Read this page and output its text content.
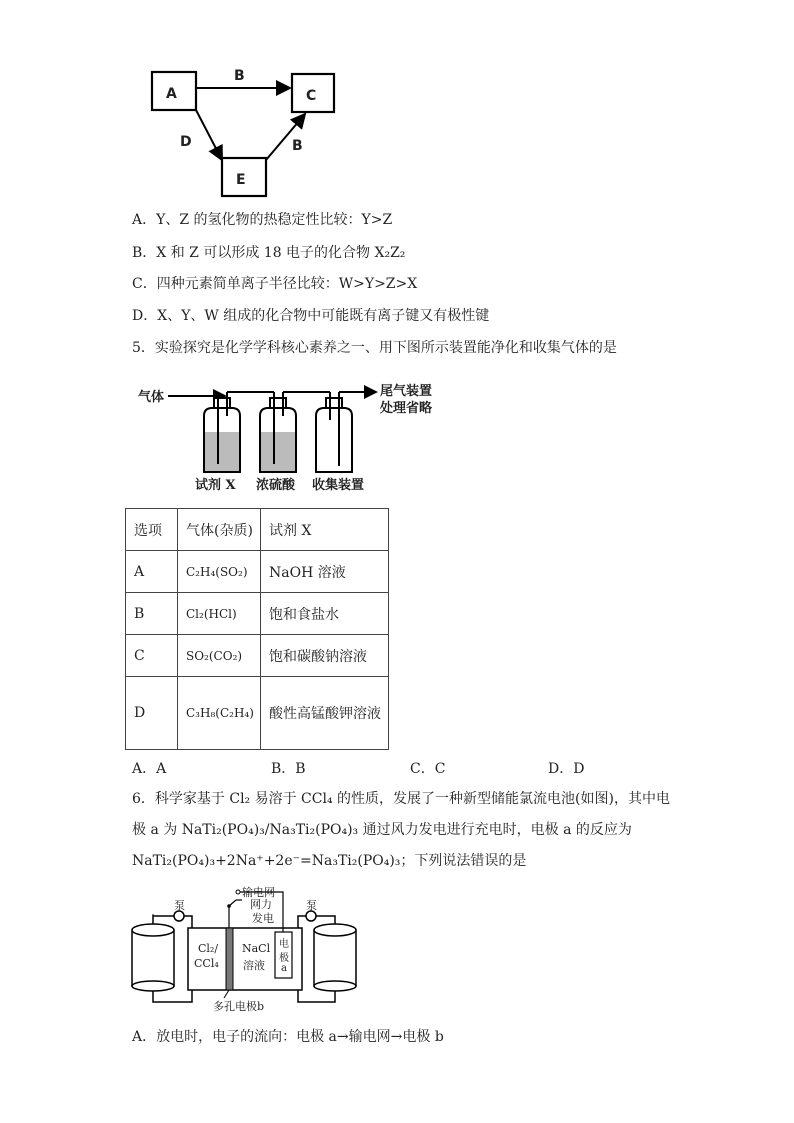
A	C
E
B
D	B
A．Y、Z 的氢化物的热稳定性比较：Y>Z
B．X 和 Z 可以形成 18 电子的化合物 X₂Z₂
C．四种元素简单离子半径比较：W>Y>Z>X
D．X、Y、W 组成的化合物中可能既有离子键又有极性键
5．实验探究是化学学科核心素养之一、用下图所示装置能净化和收集气体的是
气体	尾气装置
处理省略
试剂 X 浓硫酸 收集装置
选项	气体(杂质)	试剂 X
A	C₂H₄(SO₂)	NaOH 溶液
B	Cl₂(HCl)	饱和食盐水
C	SO₂(CO₂)	饱和碳酸钠溶液
D	C₃H₈(C₂H₄)	酸性高锰酸钾溶液
A．A	B．B	C．C	D．D
6．科学家基于 Cl₂ 易溶于 CCl₄ 的性质，发展了一种新型储能氯流电池(如图)，其中电
极 a 为 NaTi₂(PO₄)₃/Na₃Ti₂(PO₄)₃ 通过风力发电进行充电时，电极 a 的反应为
NaTi₂(PO₄)₃+2Na⁺+2e⁻=Na₃Ti₂(PO₄)₃；下列说法错误的是
泵	泵
输电网
网力
发电
Cl₂/
CCl₄
NaCl
溶液
电
极
a
多孔电极b
A．放电时，电子的流向：电极 a→输电网→电极 b
